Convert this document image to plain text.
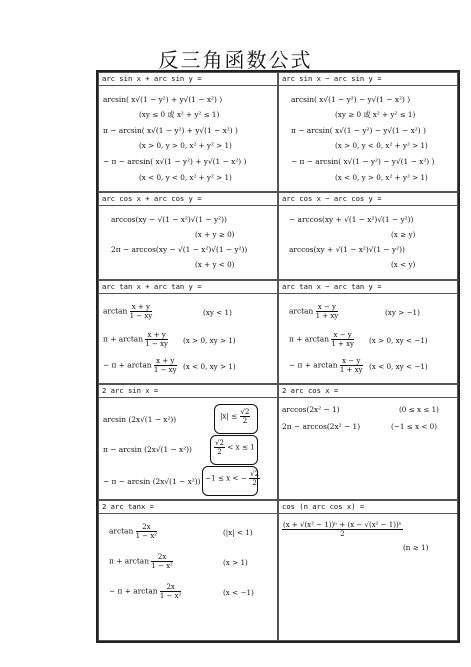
反三角函数公式
arc sin x + arc sin y =
arcsin( x√(1 − y²) + y√(1 − x²) )
(xy ≤ 0 或 x² + y² ≤ 1)
π − arcsin( x√(1 − y²) + y√(1 − x²) )
(x > 0, y > 0, x² + y² > 1)
− π − arcsin( x√(1 − y²) + y√(1 − x²) )
(x < 0, y < 0, x² + y² > 1)
arc sin x − arc sin y =
arcsin( x√(1 − y²) − y√(1 − x²) )
(xy ≥ 0 或 x² + y² ≤ 1)
π − arcsin( x√(1 − y²) − y√(1 − x²) )
(x > 0, y < 0, x² + y² > 1)
− π − arcsin( x√(1 − y²) − y√(1 − x²) )
(x < 0, y > 0, x² + y² > 1)
arc cos x + arc cos y =
arccos(xy − √(1 − x²)√(1 − y²))
(x + y ≥ 0)
2π − arccos(xy − √(1 − x²)√(1 − y²))
(x + y < 0)
arc cos x − arc cos y =
− arccos(xy + √(1 − x²)√(1 − y²))
(x ≥ y)
arccos(xy + √(1 − x²)√(1 − y²))
(x < y)
arc tan x + arc tan y =
$\arctan \frac{x + y}{1 - xy}$	(xy < 1)
$\pi + \arctan \frac{x + y}{1 - xy} (x > 0$, xy > 1)
− $\pi + \arctan \frac{x + y}{1 - xy} (x < 0$, xy > 1)
arc tan x − arc tan y =
$\arctan \frac{x - y}{1 + xy}$	(xy > −1)
$\pi + \arctan \frac{x - y}{1 + xy} (x > 0$, xy < −1)
− $\pi + \arctan \frac{x - y}{1 + xy} (x < 0$, xy < −1)
2 arc sin x =
arcsin (2x√(1 − x²))	$|x| \le \frac{√2}{2}$
π − arcsin (2x√(1 − x²))	$\frac{√2}{2} < x \le 1$
− π − arcsin (2x√(1 − x²)) −1 ≤ x < − $\frac{√2}{2}$
2 arc cos x =
arccos(2x² − 1)	(0 ≤ x ≤ 1)
2π − arccos(2x² − 1)	(−1 ≤ x < 0)
2 arc tanx =
$\arctan \frac{2x}{\text{1 − x²}}$	(|x| < 1)
$\pi + \arctan \frac{2x}{\text{1 − x²}}$	(x > 1)
− $\pi + \arctan \frac{2x}{\text{1 − x²}}$	(x < −1)
cos (n arc cos x) =
$\frac{\text{(x + √(x² − 1))ⁿ + (x − √(x² − 1))ⁿ}}{2}$
(n ≥ 1)
